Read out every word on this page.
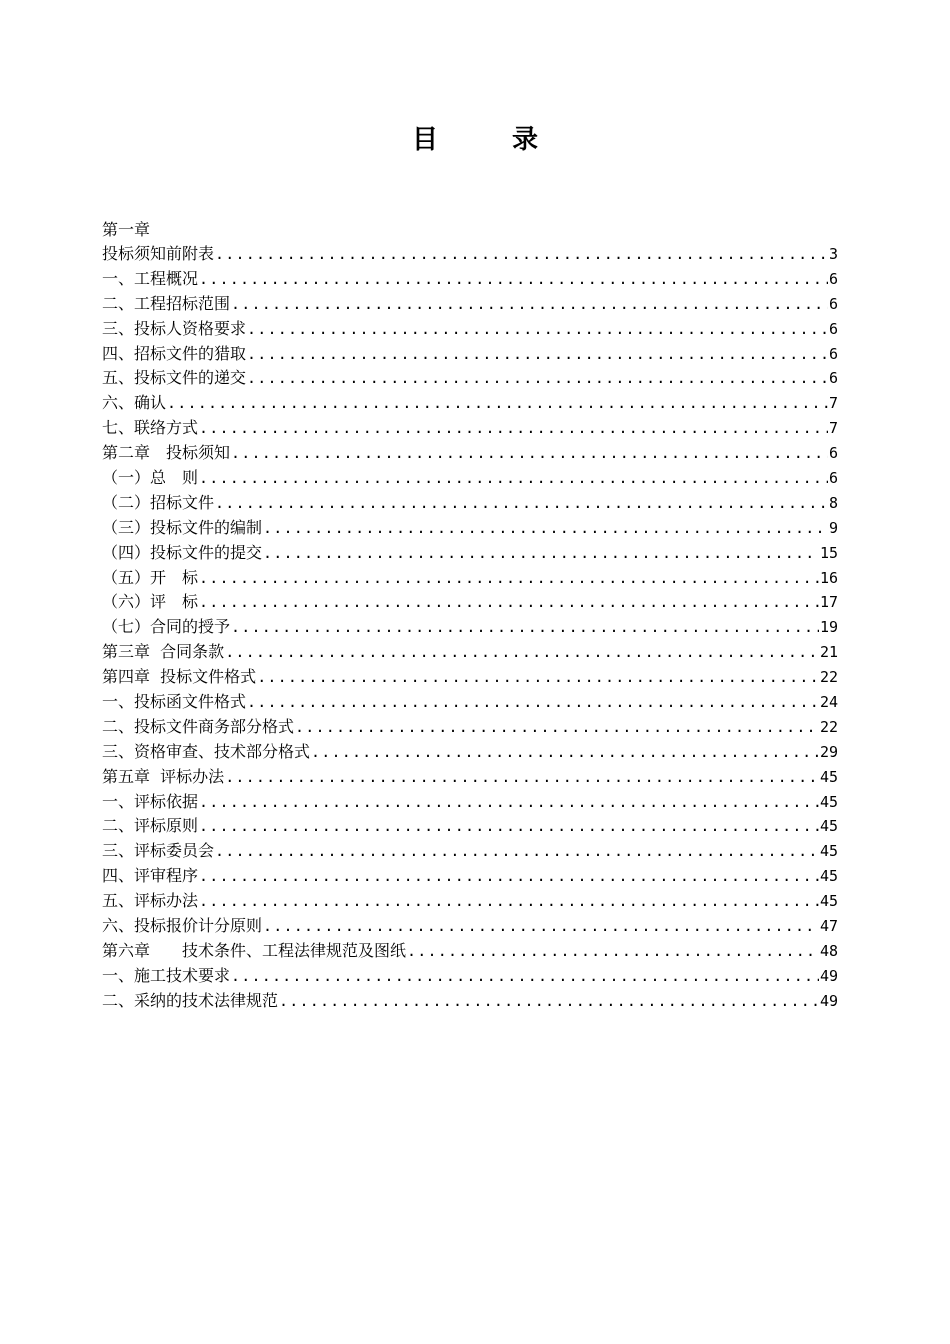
目　录
第一章
投标须知前附表 .....	3
一、工程概况 .....	6
二、工程招标范围 .....	6
三、投标人资格要求 .....	6
四、招标文件的猎取 .....	6
五、投标文件的递交 .....	6
六、确认 .....	7
七、联络方式 .....	7
第二章　投标须知 .....	6
（一）总　则 .....	6
（二）招标文件 .....	8
（三）投标文件的编制 .....	9
（四）投标文件的提交 .....	15
（五）开　标 .....	16
（六）评　标 .....	17
（七）合同的授予 .....	19
第三章  合同条款 .....	21
第四章  投标文件格式 .....	22
一、投标函文件格式 .....	24
二、投标文件商务部分格式 .....	22
三、资格审查、技术部分格式 .....	29
第五章  评标办法 .....	45
一、评标依据 .....	45
二、评标原则 .....	45
三、评标委员会 .....	45
四、评审程序 .....	45
五、评标办法 .....	45
六、投标报价计分原则 .....	47
第六章　　技术条件、工程法律规范及图纸 .....	48
一、施工技术要求 .....	49
二、采纳的技术法律规范 .....	49
